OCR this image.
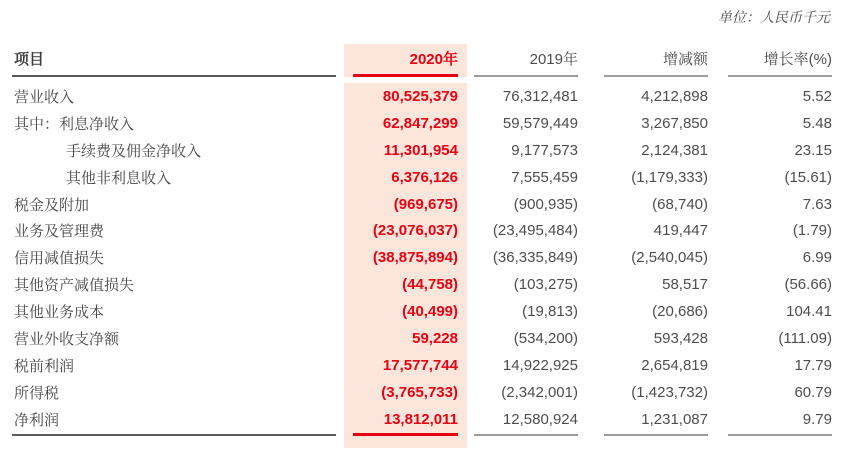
单位：人民币千元
项目	2020年	2019年	增减额	增长率(%)
营业收入	80,525,379	76,312,481	4,212,898	5.52
其中：利息净收入	62,847,299	59,579,449	3,267,850	5.48
手续费及佣金净收入	11,301,954	9,177,573	2,124,381	23.15
其他非利息收入	6,376,126	7,555,459	(1,179,333)	(15.61)
税金及附加	(969,675)	(900,935)	(68,740)	7.63
业务及管理费	(23,076,037)	(23,495,484)	419,447	(1.79)
信用减值损失	(38,875,894)	(36,335,849)	(2,540,045)	6.99
其他资产减值损失	(44,758)	(103,275)	58,517	(56.66)
其他业务成本	(40,499)	(19,813)	(20,686)	104.41
营业外收支净额	59,228	(534,200)	593,428	(111.09)
税前利润	17,577,744	14,922,925	2,654,819	17.79
所得税	(3,765,733)	(2,342,001)	(1,423,732)	60.79
净利润	13,812,011	12,580,924	1,231,087	9.79
